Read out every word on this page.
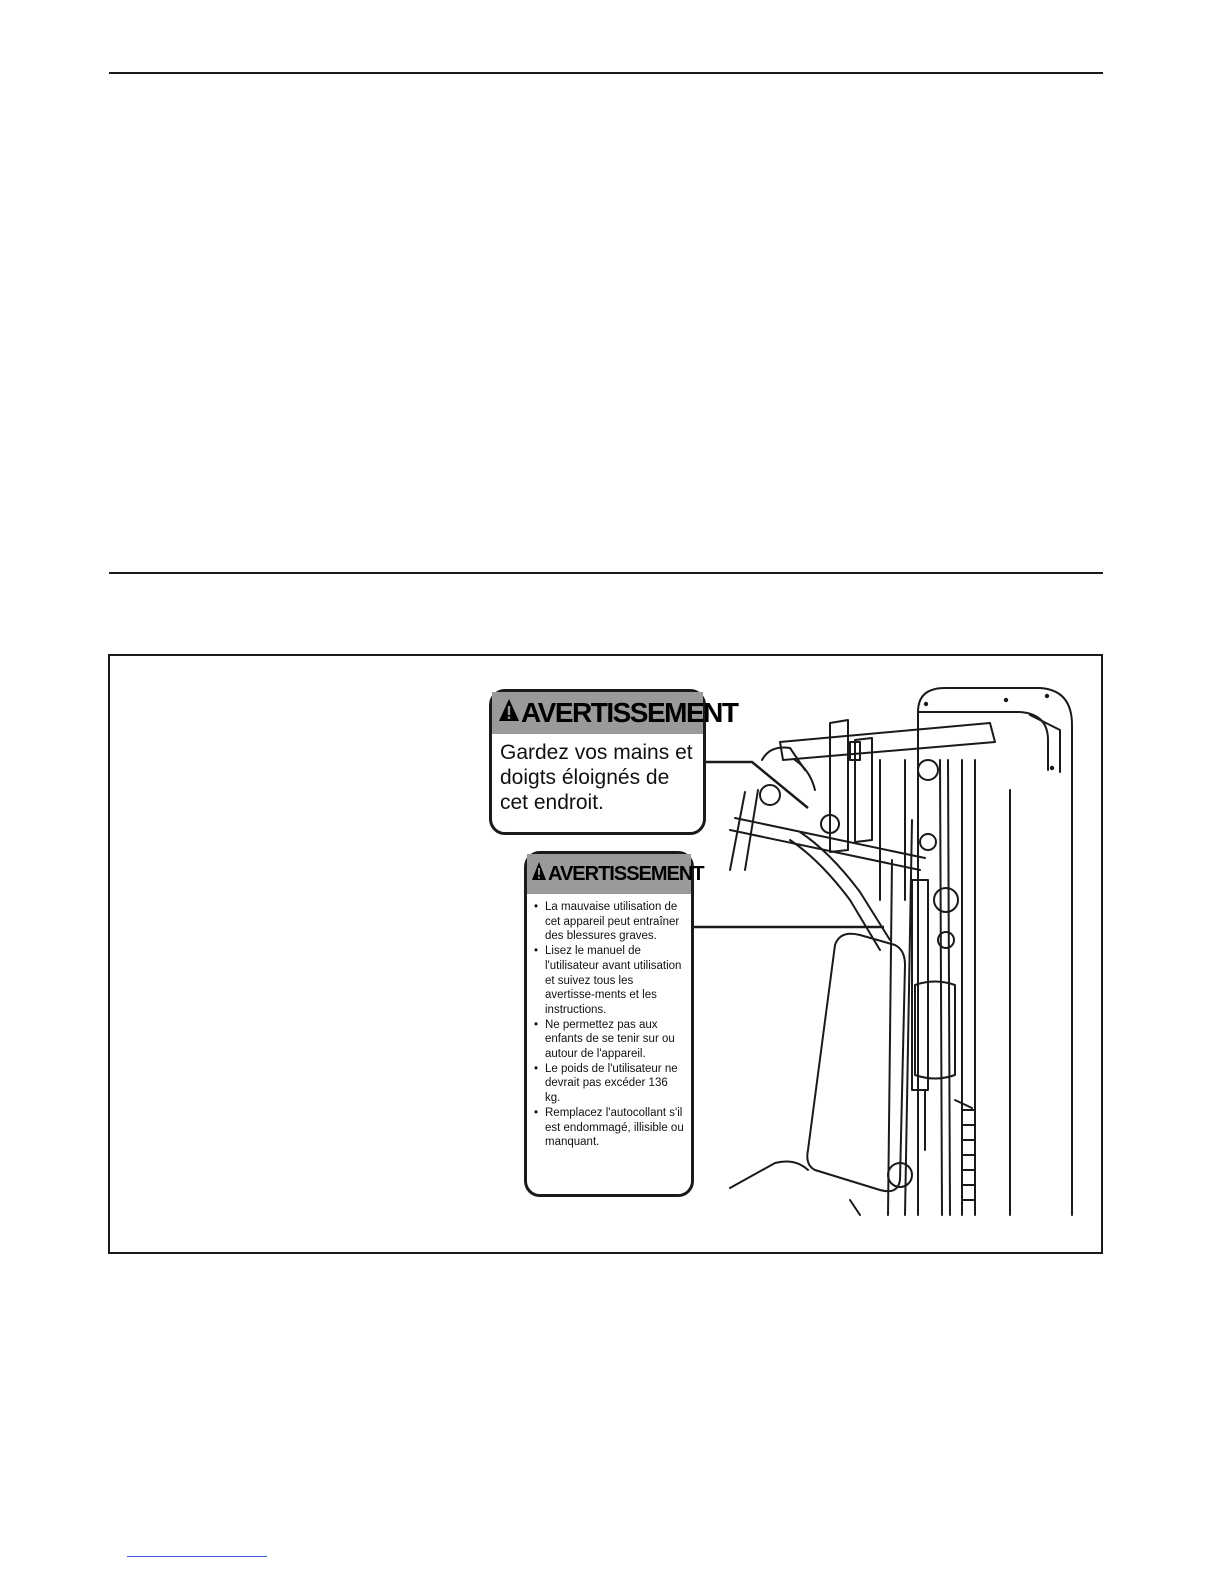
AVERTISSEMENT
Gardez vos mains et doigts éloignés de cet endroit.
AVERTISSEMENT
• La mauvaise utilisation de cet appareil peut entraîner des blessures graves.
• Lisez le manuel de l'utilisateur avant utilisation et suivez tous les avertisse-ments et les instructions.
• Ne permettez pas aux enfants de se tenir sur ou autour de l'appareil.
• Le poids de l'utilisateur ne devrait pas excéder 136 kg.
• Remplacez l'autocollant s'il est endommagé, illisible ou manquant.
